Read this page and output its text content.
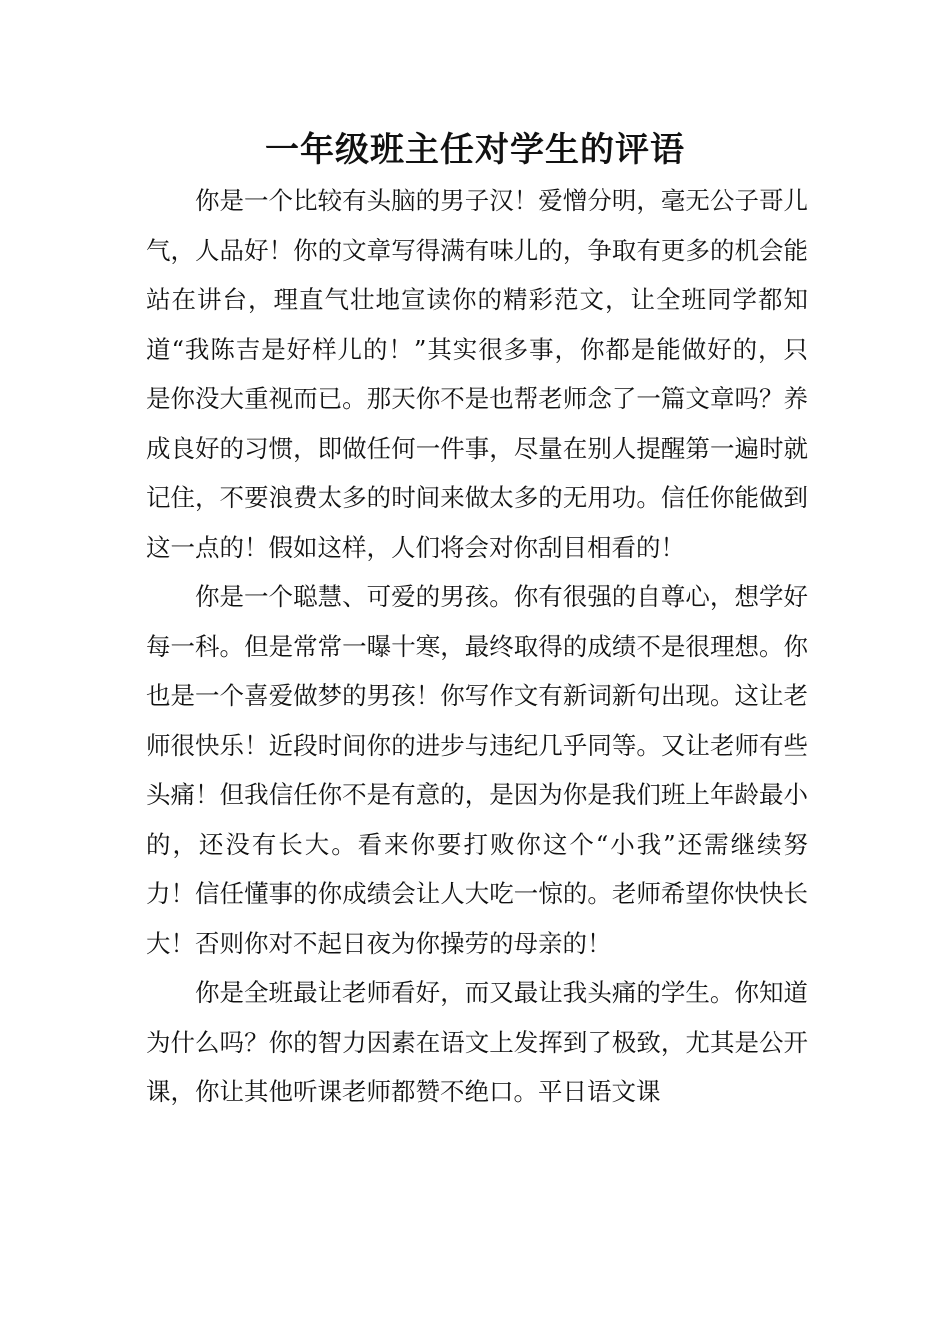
一年级班主任对学生的评语

你是一个比较有头脑的男子汉！爱憎分明，毫无公子哥儿气，人品好！你的文章写得满有味儿的，争取有更多的机会能站在讲台，理直气壮地宣读你的精彩范文，让全班同学都知道“我陈吉是好样儿的！”其实很多事，你都是能做好的，只是你没大重视而已。那天你不是也帮老师念了一篇文章吗？养成良好的习惯，即做任何一件事，尽量在别人提醒第一遍时就记住，不要浪费太多的时间来做太多的无用功。信任你能做到这一点的！假如这样，人们将会对你刮目相看的！

你是一个聪慧、可爱的男孩。你有很强的自尊心，想学好每一科。但是常常一曝十寒，最终取得的成绩不是很理想。你也是一个喜爱做梦的男孩！你写作文有新词新句出现。这让老师很快乐！近段时间你的进步与违纪几乎同等。又让老师有些头痛！但我信任你不是有意的，是因为你是我们班上年龄最小的，还没有长大。看来你要打败你这个“小我”还需继续努力！信任懂事的你成绩会让人大吃一惊的。老师希望你快快长大！否则你对不起日夜为你操劳的母亲的！

你是全班最让老师看好，而又最让我头痛的学生。你知道为什么吗？你的智力因素在语文上发挥到了极致，尤其是公开课，你让其他听课老师都赞不绝口。平日语文课
